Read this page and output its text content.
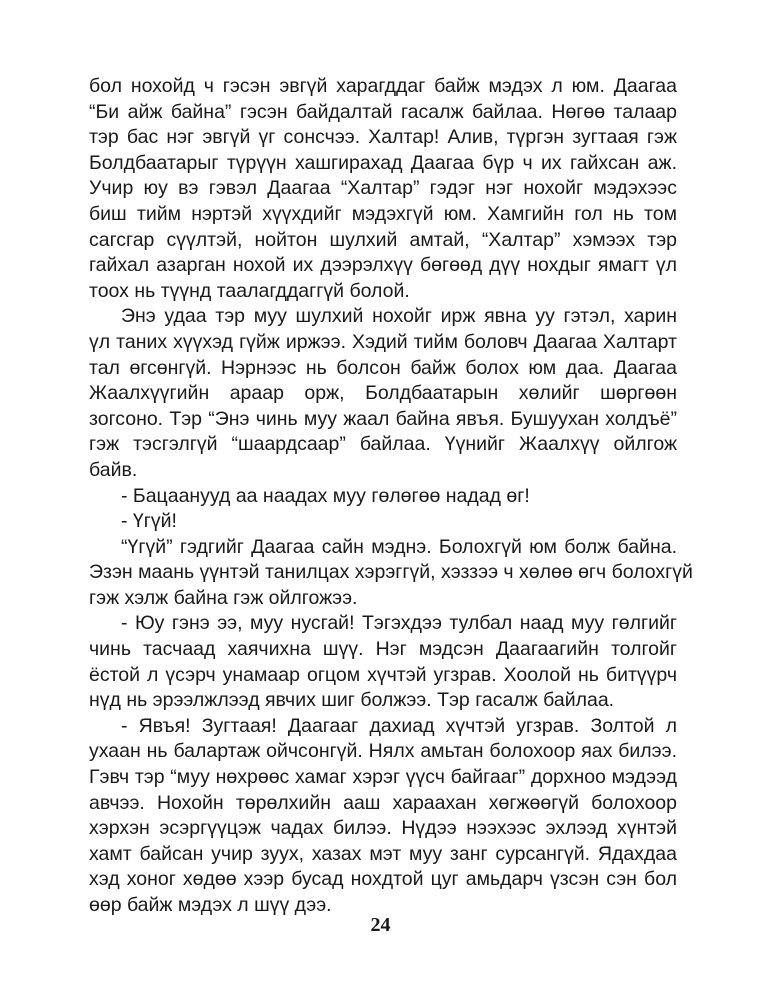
бол нохойд ч гэсэн эвгүй харагддаг байж мэдэх л юм. Даагаа
“Би айж байна” гэсэн байдалтай гасалж байлаа. Нөгөө талаар
тэр бас нэг эвгүй үг сонсчээ. Халтар! Алив, түргэн зугтаая гэж
Болдбаатарыг түрүүн хашгирахад Даагаа бүр ч их гайхсан аж.
Учир юу вэ гэвэл Даагаа “Халтар” гэдэг нэг нохойг мэдэхээс
биш тийм нэртэй хүүхдийг мэдэхгүй юм. Хамгийн гол нь том
сагсгар сүүлтэй, нойтон шулхий амтай, “Халтар” хэмээх тэр
гайхал азарган нохой их дээрэлхүү бөгөөд дүү нохдыг ямагт үл
тоох нь түүнд таалагддаггүй болой.
Энэ удаа тэр муу шулхий нохойг ирж явна уу гэтэл, харин
үл таних хүүхэд гүйж иржээ. Хэдий тийм боловч Даагаа Халтарт
тал өгсөнгүй. Нэрнээс нь болсон байж болох юм даа. Даагаа
Жаалхүүгийн араар орж, Болдбаатарын хөлийг шөргөөн
зогсоно. Тэр “Энэ чинь муу жаал байна явъя. Бушуухан холдъё”
гэж тэсгэлгүй “шаардсаар” байлаа. Үүнийг Жаалхүү ойлгож
байв.
- Бацаанууд аа наадах муу гөлөгөө надад өг!
- Үгүй!
“Үгүй” гэдгийг Даагаа сайн мэднэ. Болохгүй юм болж байна.
Эзэн маань үүнтэй танилцах хэрэггүй, хэззээ ч хөлөө өгч болохгүй
гэж хэлж байна гэж ойлгожээ.
- Юу гэнэ ээ, муу нусгай! Тэгэхдээ тулбал наад муу гөлгийг
чинь тасчаад хаячихна шүү. Нэг мэдсэн Даагаагийн толгойг
ёстой л үсэрч унамаар огцом хүчтэй угзрав. Хоолой нь битүүрч
нүд нь эрээлжлээд явчих шиг болжээ. Тэр гасалж байлаа.
- Явъя! Зугтаая! Даагааг дахиад хүчтэй угзрав. Золтой л
ухаан нь балартаж ойчсонгүй. Нялх амьтан болохоор яах билээ.
Гэвч тэр “муу нөхрөөс хамаг хэрэг үүсч байгааг” дорхноо мэдээд
авчээ. Нохойн төрөлхийн ааш хараахан хөгжөөгүй болохоор
хэрхэн эсэргүүцэж чадах билээ. Нүдээ нээхээс эхлээд хүнтэй
хамт байсан учир зуух, хазах мэт муу занг сурсангүй. Ядахдаа
хэд хоног хөдөө хээр бусад нохдтой цуг амьдарч үзсэн сэн бол
өөр байж мэдэх л шүү дээ.
24
